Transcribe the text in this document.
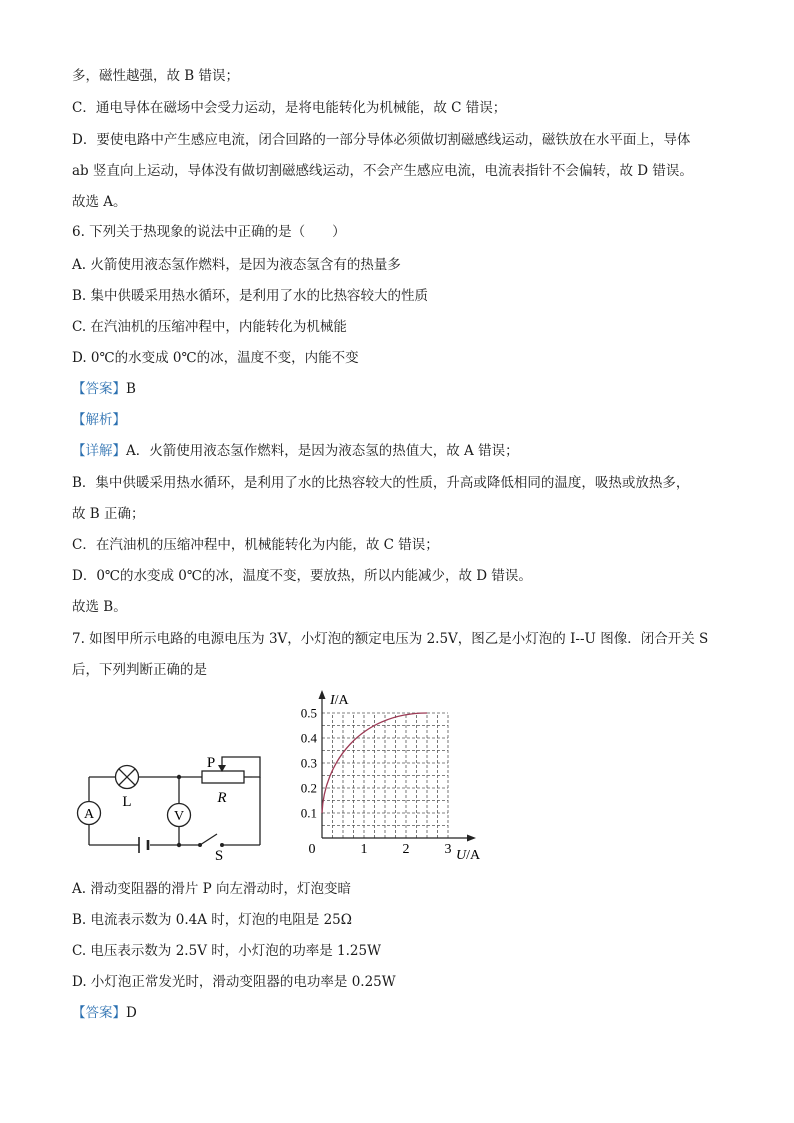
多，磁性越强，故 B 错误；
C．通电导体在磁场中会受力运动，是将电能转化为机械能，故 C 错误；
D．要使电路中产生感应电流，闭合回路的一部分导体必须做切割磁感线运动，磁铁放在水平面上，导体
ab 竖直向上运动，导体没有做切割磁感线运动，不会产生感应电流，电流表指针不会偏转，故 D 错误。
故选 A。
6. 下列关于热现象的说法中正确的是（　　）
A. 火箭使用液态氢作燃料，是因为液态氢含有的热量多
B. 集中供暖采用热水循环，是利用了水的比热容较大的性质
C. 在汽油机的压缩冲程中，内能转化为机械能
D. 0℃的水变成 0℃的冰，温度不变，内能不变
【答案】B
【解析】
【详解】A．火箭使用液态氢作燃料，是因为液态氢的热值大，故 A 错误；
B．集中供暖采用热水循环，是利用了水的比热容较大的性质，升高或降低相同的温度，吸热或放热多，
故 B 正确；
C．在汽油机的压缩冲程中，机械能转化为内能，故 C 错误；
D．0℃的水变成 0℃的冰，温度不变，要放热，所以内能减少，故 D 错误。
故选 B。
7. 如图甲所示电路的电源电压为 3V，小灯泡的额定电压为 2.5V，图乙是小灯泡的 I--U 图像．闭合开关 S
后，下列判断正确的是
A
L
V
P
R
S
0.1
0.2
0.3
0.4
0.5
1	2	3
0
I/A
U/A
A. 滑动变阻器的滑片 P 向左滑动时，灯泡变暗
B. 电流表示数为 0.4A 时，灯泡的电阻是 25Ω
C. 电压表示数为 2.5V 时，小灯泡的功率是 1.25W
D. 小灯泡正常发光时，滑动变阻器的电功率是 0.25W
【答案】D
